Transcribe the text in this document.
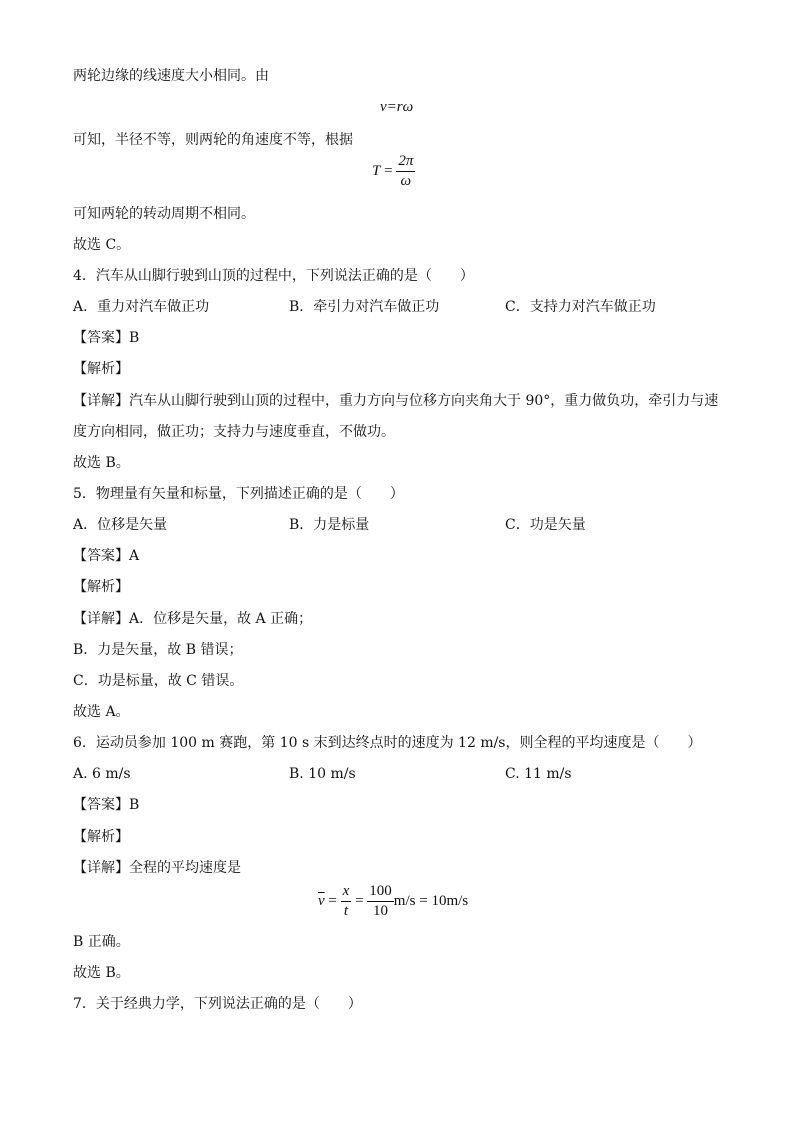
两轮边缘的线速度大小相同。由
v=rω
可知，半径不等，则两轮的角速度不等，根据
$T = \frac{2\pi}{\omega}$
可知两轮的转动周期不相同。
故选 C。
4．汽车从山脚行驶到山顶的过程中，下列说法正确的是（　　）
A．重力对汽车做正功	B．牵引力对汽车做正功	C．支持力对汽车做正功
【答案】B
【解析】
【详解】汽车从山脚行驶到山顶的过程中，重力方向与位移方向夹角大于 90°，重力做负功，牵引力与速
度方向相同，做正功；支持力与速度垂直，不做功。
故选 B。
5．物理量有矢量和标量，下列描述正确的是（　　）
A．位移是矢量	B．力是标量	C．功是矢量
【答案】A
【解析】
【详解】A．位移是矢量，故 A 正确；
B．力是矢量，故 B 错误；
C．功是标量，故 C 错误。
故选 A。
6．运动员参加 100 m 赛跑，第 10 s 末到达终点时的速度为 12 m/s，则全程的平均速度是（　　）
A. 6 m/s	B. 10 m/s	C. 11 m/s
【答案】B
【解析】
【详解】全程的平均速度是
$\overline{v} = \frac{x}{t} = \frac{100}{10} m/s = 10m/s$
B 正确。
故选 B。
7．关于经典力学，下列说法正确的是（　　）
